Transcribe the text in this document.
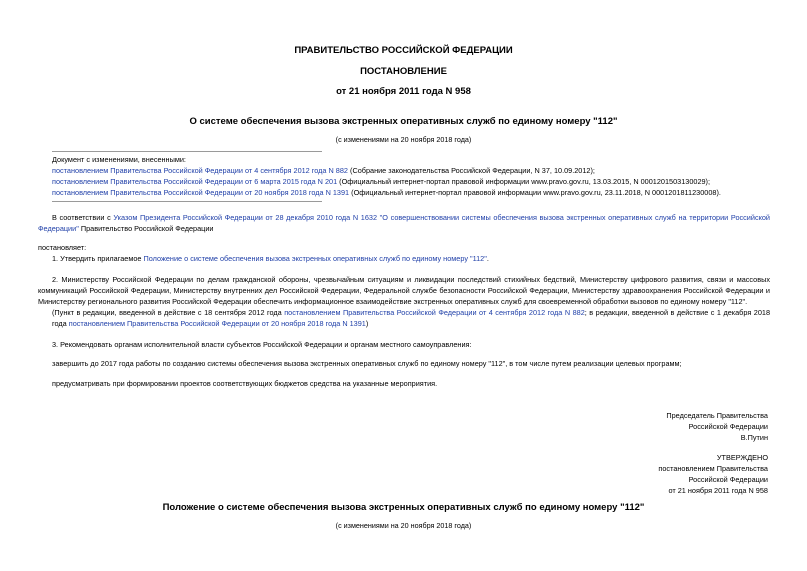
ПРАВИТЕЛЬСТВО РОССИЙСКОЙ ФЕДЕРАЦИИ
ПОСТАНОВЛЕНИЕ
от 21 ноября 2011 года N 958
О системе обеспечения вызова экстренных оперативных служб по единому номеру "112"
(с изменениями на 20 ноября 2018 года)
Документ с изменениями, внесенными:
постановлением Правительства Российской Федерации от 4 сентября 2012 года N 882 (Собрание законодательства Российской Федерации, N 37, 10.09.2012);
постановлением Правительства Российской Федерации от 6 марта 2015 года N 201 (Официальный интернет-портал правовой информации www.pravo.gov.ru, 13.03.2015, N 0001201503130029);
постановлением Правительства Российской Федерации от 20 ноября 2018 года N 1391 (Официальный интернет-портал правовой информации www.pravo.gov.ru, 23.11.2018, N 0001201811230008).
В соответствии с Указом Президента Российской Федерации от 28 декабря 2010 года N 1632 "О совершенствовании системы обеспечения вызова экстренных оперативных служб на территории Российской Федерации" Правительство Российской Федерации
постановляет:
1. Утвердить прилагаемое Положение о системе обеспечения вызова экстренных оперативных служб по единому номеру "112".
2. Министерству Российской Федерации по делам гражданской обороны, чрезвычайным ситуациям и ликвидации последствий стихийных бедствий, Министерству цифрового развития, связи и массовых коммуникаций Российской Федерации, Министерству внутренних дел Российской Федерации, Федеральной службе безопасности Российской Федерации, Министерству здравоохранения Российской Федерации и Министерству регионального развития Российской Федерации обеспечить информационное взаимодействие экстренных оперативных служб для своевременной обработки вызовов по единому номеру "112".
(Пункт в редакции, введенной в действие с 18 сентября 2012 года постановлением Правительства Российской Федерации от 4 сентября 2012 года N 882; в редакции, введенной в действие с 1 декабря 2018 года постановлением Правительства Российской Федерации от 20 ноября 2018 года N 1391)
3. Рекомендовать органам исполнительной власти субъектов Российской Федерации и органам местного самоуправления:
завершить до 2017 года работы по созданию системы обеспечения вызова экстренных оперативных служб по единому номеру "112", в том числе путем реализации целевых программ;
предусматривать при формировании проектов соответствующих бюджетов средства на указанные мероприятия.
Председатель Правительства
Российской Федерации
В.Путин
УТВЕРЖДЕНО
постановлением Правительства
Российской Федерации
от 21 ноября 2011 года N 958
Положение о системе обеспечения вызова экстренных оперативных служб по единому номеру "112"
(с изменениями на 20 ноября 2018 года)
